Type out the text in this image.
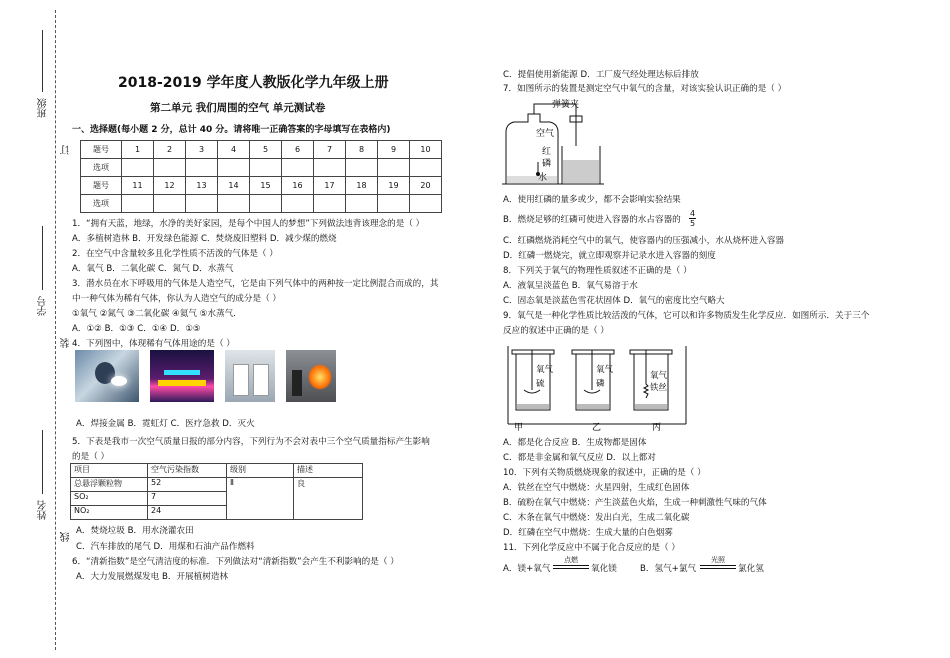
班级
订
学号
装
姓名
线
2018-2019 学年度人教版化学九年级上册
第二单元 我们周围的空气 单元测试卷
一、选择题(每小题 2 分，总计 40 分。请将唯一正确答案的字母填写在表格内)
题号	1	2	3	4	5	6	7	8	9	10
选项										
题号	11	12	13	14	15	16	17	18	19	20
选项										
1．“拥有天蓝，地绿，水净的美好家园，是每个中国人的梦想”下列做法违背该理念的是（ ）
A．多植树造林 B．开发绿色能源 C．焚烧废旧塑料 D．减少煤的燃烧
2．在空气中含量较多且化学性质不活泼的气体是（ ）
A．氧气 B．二氧化碳 C．氮气 D．水蒸气
3．潜水员在水下呼吸用的气体是人造空气，它是由下列气体中的两种按一定比例混合而成的，其
中一种气体为稀有气体，你认为人造空气的成分是（ ）
①氧气 ②氮气 ③二氧化碳 ④氦气 ⑤水蒸气．
A．①② B．①③ C．①④ D．①⑤
4．下列图中，体现稀有气体用途的是（ ）
A．焊接金属 B．霓虹灯 C．医疗急救 D．灭火
5．下表是我市一次空气质量日报的部分内容，下列行为不会对表中三个空气质量指标产生影响
的是（ ）
项目	空气污染指数	级别	描述
总悬浮颗粒物	52	Ⅱ	良
SO₂	7		
NO₂	24		
A．焚烧垃圾 B．用水浇灌农田
C．汽车排放的尾气 D．用煤和石油产品作燃料
6．“清新指数”是空气清洁度的标准．下列做法对“清新指数”会产生不利影响的是（ ）
A．大力发展燃煤发电 B．开展植树造林
C．提倡使用新能源 D．工厂废气经处理达标后排放
7．如图所示的装置是测定空气中氧气的含量，对该实验认识正确的是（ ）
弹簧夹
空气
红
磷
水
A．使用红磷的量多或少，都不会影响实验结果
B．燃烧足够的红磷可使进入容器的水占容器的 $\frac{4}{5}$
C．红磷燃烧消耗空气中的氧气，使容器内的压强减小，水从烧杯进入容器
D．红磷一燃烧完，就立即观察并记录水进入容器的刻度
8．下列关于氧气的物理性质叙述不正确的是（ ）
A．液氧呈淡蓝色 B．氧气易溶于水
C．固态氧是淡蓝色雪花状固体 D．氧气的密度比空气略大
9．氧气是一种化学性质比较活泼的气体，它可以和许多物质发生化学反应．如图所示．关于三个
反应的叙述中正确的是（ ）
氧气
硫
氧气
磷
氧气
铁丝
甲	乙	丙
A．都是化合反应 B．生成物都是固体
C．都是非金属和氧气反应 D．以上都对
10．下列有关物质燃烧现象的叙述中，正确的是（ ）
A．铁丝在空气中燃烧：火星四射，生成红色固体
B．硫粉在氧气中燃烧：产生淡蓝色火焰，生成一种刺激性气味的气体
C．木条在氧气中燃烧：发出白光，生成二氧化碳
D．红磷在空气中燃烧：生成大量的白色烟雾
11．下列化学反应中不属于化合反应的是（ ）
A．镁+氧气
点燃
氧化镁	B．氢气+氯气
光照
氯化氢
